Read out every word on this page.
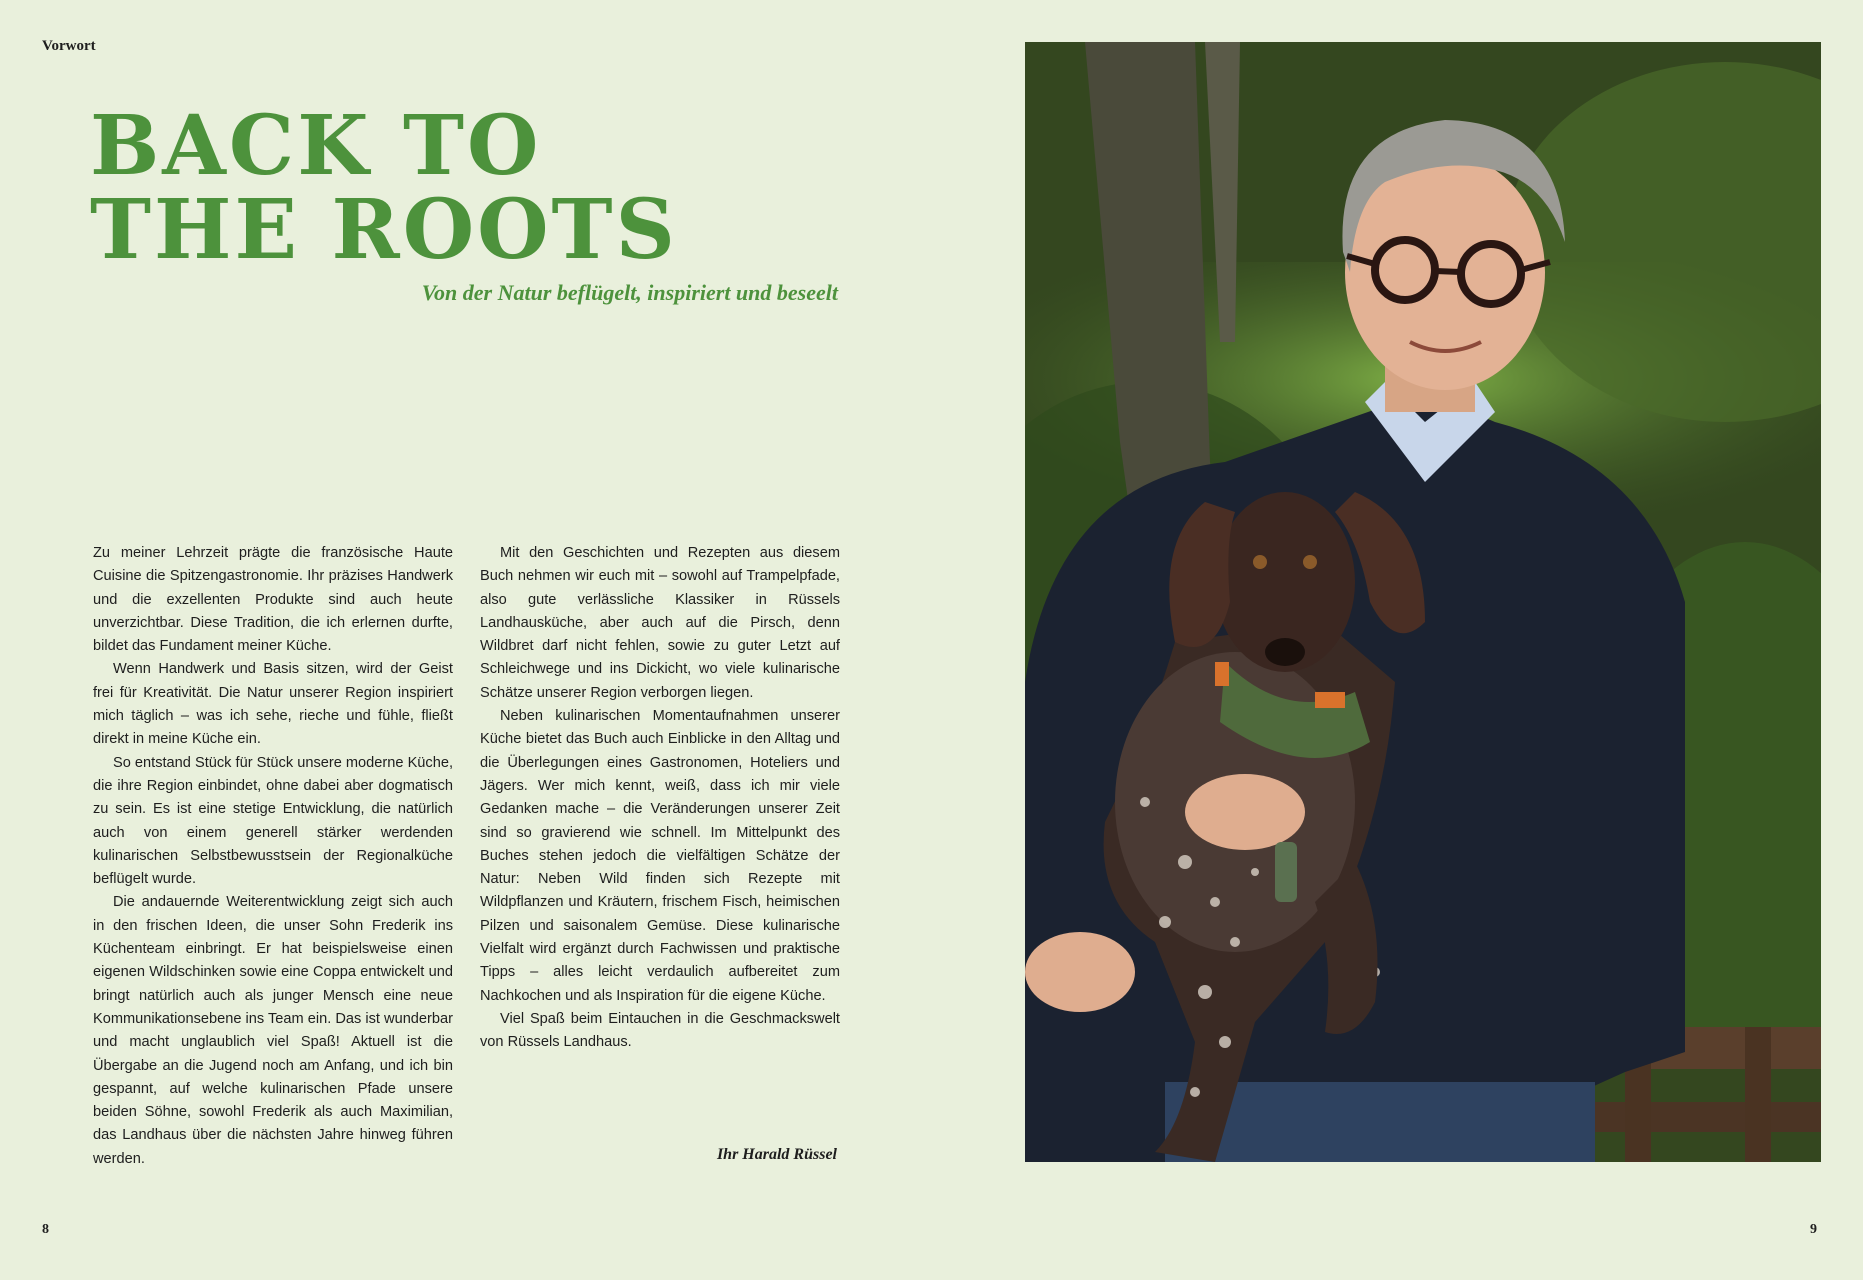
Vorwort
BACK TO
THE ROOTS
Von der Natur beflügelt, inspiriert und beseelt

Zu meiner Lehrzeit prägte die französische Haute Cuisine die Spitzengastronomie. Ihr präzises Handwerk und die exzellenten Produkte sind auch heute unverzichtbar. Diese Tradition, die ich erlernen durfte, bildet das Fundament meiner Küche.

Wenn Handwerk und Basis sitzen, wird der Geist frei für Kreativität. Die Natur unserer Region inspiriert mich täglich – was ich sehe, rieche und fühle, fließt direkt in meine Küche ein.

So entstand Stück für Stück unsere moderne Küche, die ihre Region einbindet, ohne dabei aber dogmatisch zu sein. Es ist eine stetige Entwicklung, die natürlich auch von einem generell stärker werdenden kulinarischen Selbstbewusstsein der Regionalküche beflügelt wurde.

Die andauernde Weiterentwicklung zeigt sich auch in den frischen Ideen, die unser Sohn Frederik ins Küchenteam einbringt. Er hat beispielsweise einen eigenen Wildschinken sowie eine Coppa entwickelt und bringt natürlich auch als junger Mensch eine neue Kommunikationsebene ins Team ein. Das ist wunderbar und macht unglaublich viel Spaß! Aktuell ist die Übergabe an die Jugend noch am Anfang, und ich bin gespannt, auf welche kulinarischen Pfade unsere beiden Söhne, sowohl Frederik als auch Maximilian, das Landhaus über die nächsten Jahre hinweg führen werden.

Mit den Geschichten und Rezepten aus diesem Buch nehmen wir euch mit – sowohl auf Trampelpfade, also gute verlässliche Klassiker in Rüssels Landhausküche, aber auch auf die Pirsch, denn Wildbret darf nicht fehlen, sowie zu guter Letzt auf Schleichwege und ins Dickicht, wo viele kulinarische Schätze unserer Region verborgen liegen.

Neben kulinarischen Momentaufnahmen unserer Küche bietet das Buch auch Einblicke in den Alltag und die Überlegungen eines Gastronomen, Hoteliers und Jägers. Wer mich kennt, weiß, dass ich mir viele Gedanken mache – die Veränderungen unserer Zeit sind so gravierend wie schnell. Im Mittelpunkt des Buches stehen jedoch die vielfältigen Schätze der Natur: Neben Wild finden sich Rezepte mit Wildpflanzen und Kräutern, frischem Fisch, heimischen Pilzen und saisonalem Gemüse. Diese kulinarische Vielfalt wird ergänzt durch Fachwissen und praktische Tipps – alles leicht verdaulich aufbereitet zum Nachkochen und als Inspiration für die eigene Küche.

Viel Spaß beim Eintauchen in die Geschmackswelt von Rüssels Landhaus.

Ihr Harald Rüssel
8	9
